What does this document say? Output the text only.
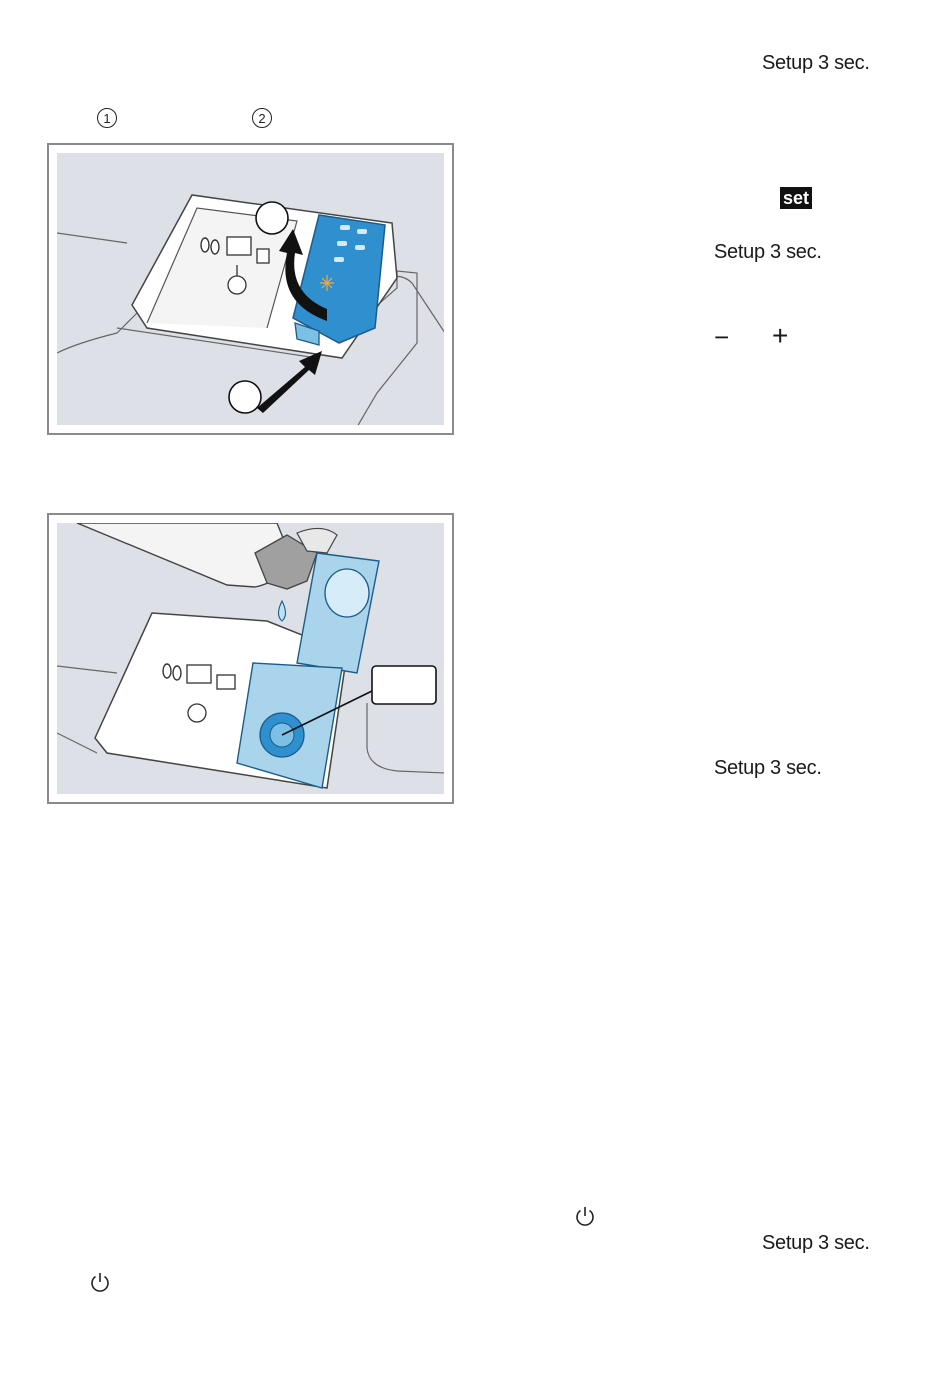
Setup 3 sec.
1	2
set
Setup 3 sec.
− +
Setup 3 sec.
Setup 3 sec.
